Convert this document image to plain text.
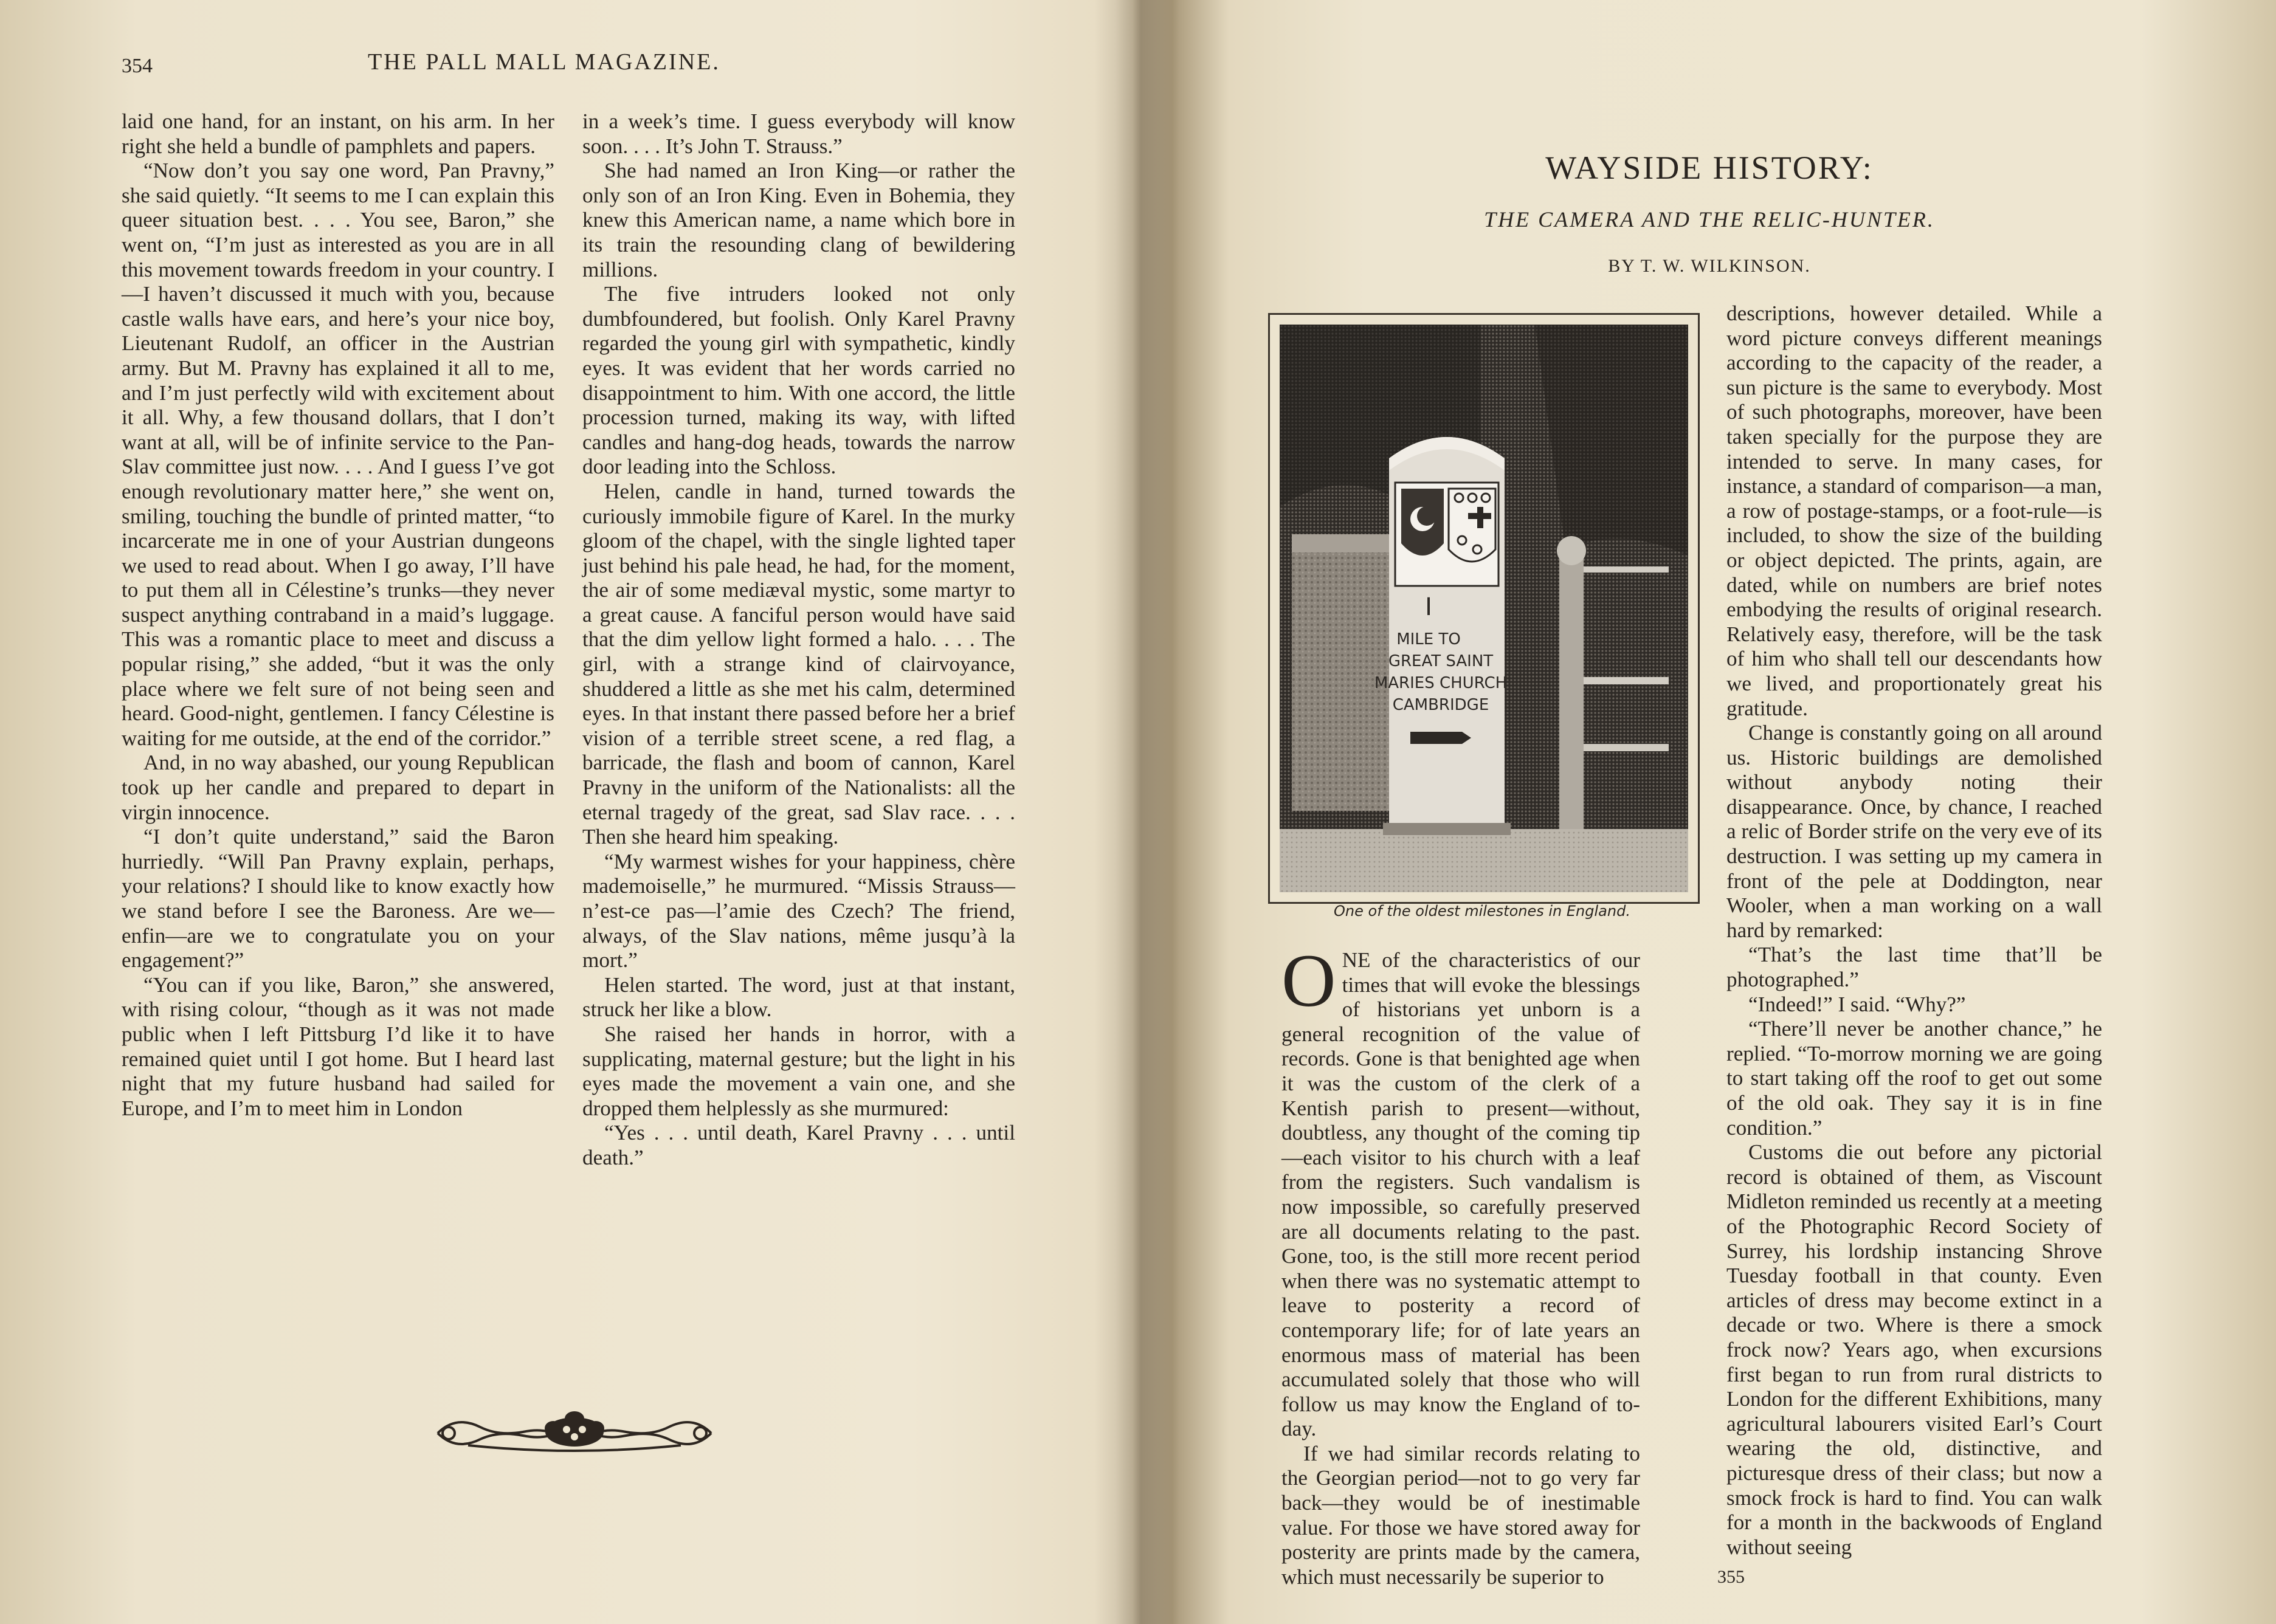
354	THE PALL MALL MAGAZINE.

laid one hand, for an instant, on his arm. In her right she held a bundle of pamphlets and papers.

“Now don’t you say one word, Pan Pravny,” she said quietly. “It seems to me I can explain this queer situation best. . . . You see, Baron,” she went on, “I’m just as interested as you are in all this movement towards freedom in your country. I—I haven’t discussed it much with you, because castle walls have ears, and here’s your nice boy, Lieutenant Rudolf, an officer in the Austrian army. But M. Pravny has explained it all to me, and I’m just perfectly wild with excitement about it all. Why, a few thousand dollars, that I don’t want at all, will be of infinite service to the Pan-Slav committee just now. . . . And I guess I’ve got enough revolutionary matter here,” she went on, smiling, touching the bundle of printed matter, “to incarcerate me in one of your Austrian dungeons we used to read about. When I go away, I’ll have to put them all in Célestine’s trunks—they never suspect anything contraband in a maid’s luggage. This was a romantic place to meet and discuss a popular rising,” she added, “but it was the only place where we felt sure of not being seen and heard. Good-night, gentlemen. I fancy Célestine is waiting for me outside, at the end of the corridor.”

And, in no way abashed, our young Republican took up her candle and prepared to depart in virgin innocence.

“I don’t quite understand,” said the Baron hurriedly. “Will Pan Pravny explain, perhaps, your relations? I should like to know exactly how we stand before I see the Baroness. Are we—enfin—are we to congratulate you on your engagement?”

“You can if you like, Baron,” she answered, with rising colour, “though as it was not made public when I left Pittsburg I’d like it to have remained quiet until I got home. But I heard last night that my future husband had sailed for Europe, and I’m to meet him in London

in a week’s time. I guess everybody will know soon. . . . It’s John T. Strauss.”

She had named an Iron King—or rather the only son of an Iron King. Even in Bohemia, they knew this American name, a name which bore in its train the resounding clang of bewildering millions.

The five intruders looked not only dumbfoundered, but foolish. Only Karel Pravny regarded the young girl with sympathetic, kindly eyes. It was evident that her words carried no disappointment to him. With one accord, the little procession turned, making its way, with lifted candles and hang-dog heads, towards the narrow door leading into the Schloss.

Helen, candle in hand, turned towards the curiously immobile figure of Karel. In the murky gloom of the chapel, with the single lighted taper just behind his pale head, he had, for the moment, the air of some mediæval mystic, some martyr to a great cause. A fanciful person would have said that the dim yellow light formed a halo. . . . The girl, with a strange kind of clairvoyance, shuddered a little as she met his calm, determined eyes. In that instant there passed before her a brief vision of a terrible street scene, a red flag, a barricade, the flash and boom of cannon, Karel Pravny in the uniform of the Nationalists: all the eternal tragedy of the great, sad Slav race. . . . Then she heard him speaking.

“My warmest wishes for your happiness, chère mademoiselle,” he murmured. “Missis Strauss—n’est-ce pas—l’amie des Czech? The friend, always, of the Slav nations, même jusqu’à la mort.”

Helen started. The word, just at that instant, struck her like a blow.

She raised her hands in horror, with a supplicating, maternal gesture; but the light in his eyes made the movement a vain one, and she dropped them helplessly as she murmured:

“Yes . . . until death, Karel Pravny . . . until death.”

WAYSIDE HISTORY:
THE CAMERA AND THE RELIC-HUNTER.
BY T. W. WILKINSON.
I
MILE TO
GREAT SAINT
MARIES CHURCH
CAMBRIDGE
One of the oldest milestones in England.

ONE of the characteristics of our times that will evoke the blessings of historians yet unborn is a general recognition of the value of records. Gone is that benighted age when it was the custom of the clerk of a Kentish parish to present—without, doubtless, any thought of the coming tip—each visitor to his church with a leaf from the registers. Such vandalism is now impossible, so carefully preserved are all documents relating to the past. Gone, too, is the still more recent period when there was no systematic attempt to leave to posterity a record of contemporary life; for of late years an enormous mass of material has been accumulated solely that those who will follow us may know the England of to-day.

If we had similar records relating to the Georgian period—not to go very far back—they would be of inestimable value. For those we have stored away for posterity are prints made by the camera, which must necessarily be superior to

descriptions, however detailed. While a word picture conveys different meanings according to the capacity of the reader, a sun picture is the same to everybody. Most of such photographs, moreover, have been taken specially for the purpose they are intended to serve. In many cases, for instance, a standard of comparison—a man, a row of postage-stamps, or a foot-rule—is included, to show the size of the building or object depicted. The prints, again, are dated, while on numbers are brief notes embodying the results of original research. Relatively easy, therefore, will be the task of him who shall tell our descendants how we lived, and proportionately great his gratitude.

Change is constantly going on all around us. Historic buildings are demolished without anybody noting their disappearance. Once, by chance, I reached a relic of Border strife on the very eve of its destruction. I was setting up my camera in front of the pele at Doddington, near Wooler, when a man working on a wall hard by remarked:

“That’s the last time that’ll be photographed.”

“Indeed!” I said. “Why?”

“There’ll never be another chance,” he replied. “To-morrow morning we are going to start taking off the roof to get out some of the old oak. They say it is in fine condition.”

Customs die out before any pictorial record is obtained of them, as Viscount Midleton reminded us recently at a meeting of the Photographic Record Society of Surrey, his lordship instancing Shrove Tuesday football in that county. Even articles of dress may become extinct in a decade or two. Where is there a smock frock now? Years ago, when excursions first began to run from rural districts to London for the different Exhibitions, many agricultural labourers visited Earl’s Court wearing the old, distinctive, and picturesque dress of their class; but now a smock frock is hard to find. You can walk for a month in the backwoods of England without seeing

355
